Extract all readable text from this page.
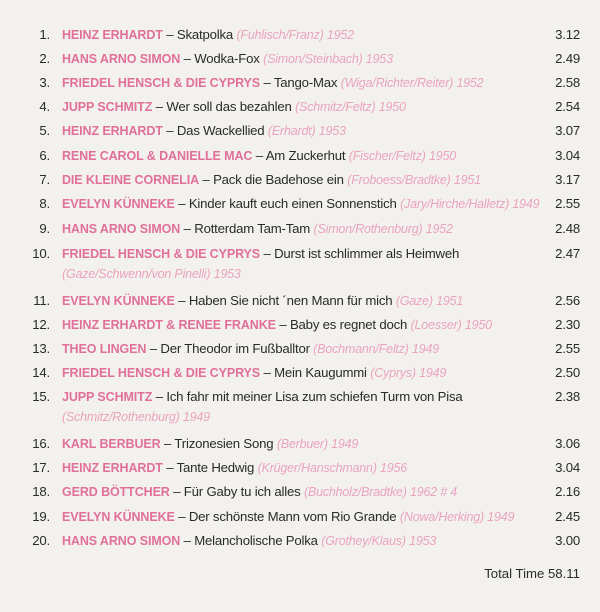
1. HEINZ ERHARDT – Skatpolka (Fuhlisch/Franz) 1952	3.12
2. HANS ARNO SIMON – Wodka-Fox (Simon/Steinbach) 1953	2.49
3. FRIEDEL HENSCH & DIE CYPRYS – Tango-Max (Wiga/Richter/Reiter) 1952	2.58
4. JUPP SCHMITZ – Wer soll das bezahlen (Schmitz/Feltz) 1950	2.54
5. HEINZ ERHARDT – Das Wackellied (Erhardt) 1953	3.07
6. RENE CAROL & DANIELLE MAC – Am Zuckerhut (Fischer/Feltz) 1950	3.04
7. DIE KLEINE CORNELIA – Pack die Badehose ein (Froboess/Bradtke) 1951	3.17
8. EVELYN KÜNNEKE – Kinder kauft euch einen Sonnenstich (Jary/Hirche/Halletz) 1949	2.55
9. HANS ARNO SIMON – Rotterdam Tam-Tam (Simon/Rothenburg) 1952	2.48
10. FRIEDEL HENSCH & DIE CYPRYS – Durst ist schlimmer als Heimweh
(Gaze/Schwenn/von Pinelli) 1953
2.47
11. EVELYN KÜNNEKE – Haben Sie nicht ´nen Mann für mich (Gaze) 1951	2.56
12. HEINZ ERHARDT & RENEE FRANKE – Baby es regnet doch (Loesser) 1950	2.30
13. THEO LINGEN – Der Theodor im Fußballtor (Bochmann/Feltz) 1949	2.55
14. FRIEDEL HENSCH & DIE CYPRYS – Mein Kaugummi (Cyprys) 1949	2.50
15. JUPP SCHMITZ – Ich fahr mit meiner Lisa zum schiefen Turm von Pisa
(Schmitz/Rothenburg) 1949
2.38
16. KARL BERBUER – Trizonesien Song (Berbuer) 1949	3.06
17. HEINZ ERHARDT – Tante Hedwig (Krüger/Hanschmann) 1956	3.04
18. GERD BÖTTCHER – Für Gaby tu ich alles (Buchholz/Bradtke) 1962 # 4	2.16
19. EVELYN KÜNNEKE – Der schönste Mann vom Rio Grande (Nowa/Herking) 1949	2.45
20. HANS ARNO SIMON – Melancholische Polka (Grothey/Klaus) 1953	3.00
Total Time 58.11
